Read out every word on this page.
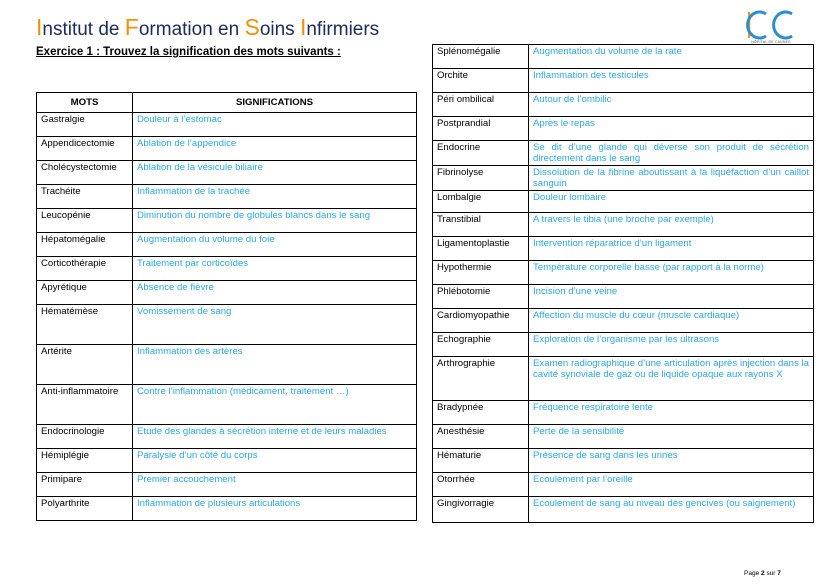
Institut de Formation en Soins Infirmiers
HÔPITAL DE CANNES
Exercice 1 : Trouvez la signification des mots suivants :
MOTS	SIGNIFICATIONS
Gastralgie	Douleur à l’estomac
Appendicectomie	Ablation de l’appendice
Cholécystectomie	Ablation de la vésicule biliaire
Trachéite	Inflammation de la trachée
Leucopénie	Diminution du nombre de globules blancs dans le sang
Hépatomégalie	Augmentation du volume du foie
Corticothérapie	Traitement par corticoïdes
Apyrétique	Absence de fièvre
Hématémèse	Vomissement de sang
Artérite	Inflammation des artères
Anti-inflammatoire	Contre l’inflammation (médicament, traitement …)
Endocrinologie	Etude des glandes à sécrétion interne et de leurs maladies
Hémiplégie	Paralysie d’un côté du corps
Primipare	Premier accouchement
Polyarthrite	Inflammation de plusieurs articulations
Splénomégalie	Augmentation du volume de la rate
Orchite	Inflammation des testicules
Péri ombilical	Autour de l’ombilic
Postprandial	Après le repas
Endocrine	Se dit d’une glande qui déverse son produit de sécrétion directement dans le sang
Fibrinolyse	Dissolution de la fibrine aboutissant à la liquéfaction d’un caillot sanguin
Lombalgie	Douleur lombaire
Transtibial	A travers le tibia (une broche par exemple)
Ligamentoplastie	Intervention réparatrice d’un ligament
Hypothermie	Température corporelle basse (par rapport à la norme)
Phlébotomie	Incision d’une veine
Cardiomyopathie	Affection du muscle du cœur (muscle cardiaque)
Echographie	Exploration de l’organisme par les ultrasons
Arthrographie	Examen radiographique d’une articulation après injection dans la cavité synoviale de gaz ou de liquide opaque aux rayons X
Bradypnée	Fréquence respiratoire lente
Anesthésie	Perte de la sensibilité
Hématurie	Présence de sang dans les urines
Otorrhée	Ecoulement par l’oreille
Gingivorragie	Ecoulement de sang au niveau des gencives (ou saignement)
Page 2 sur 7
